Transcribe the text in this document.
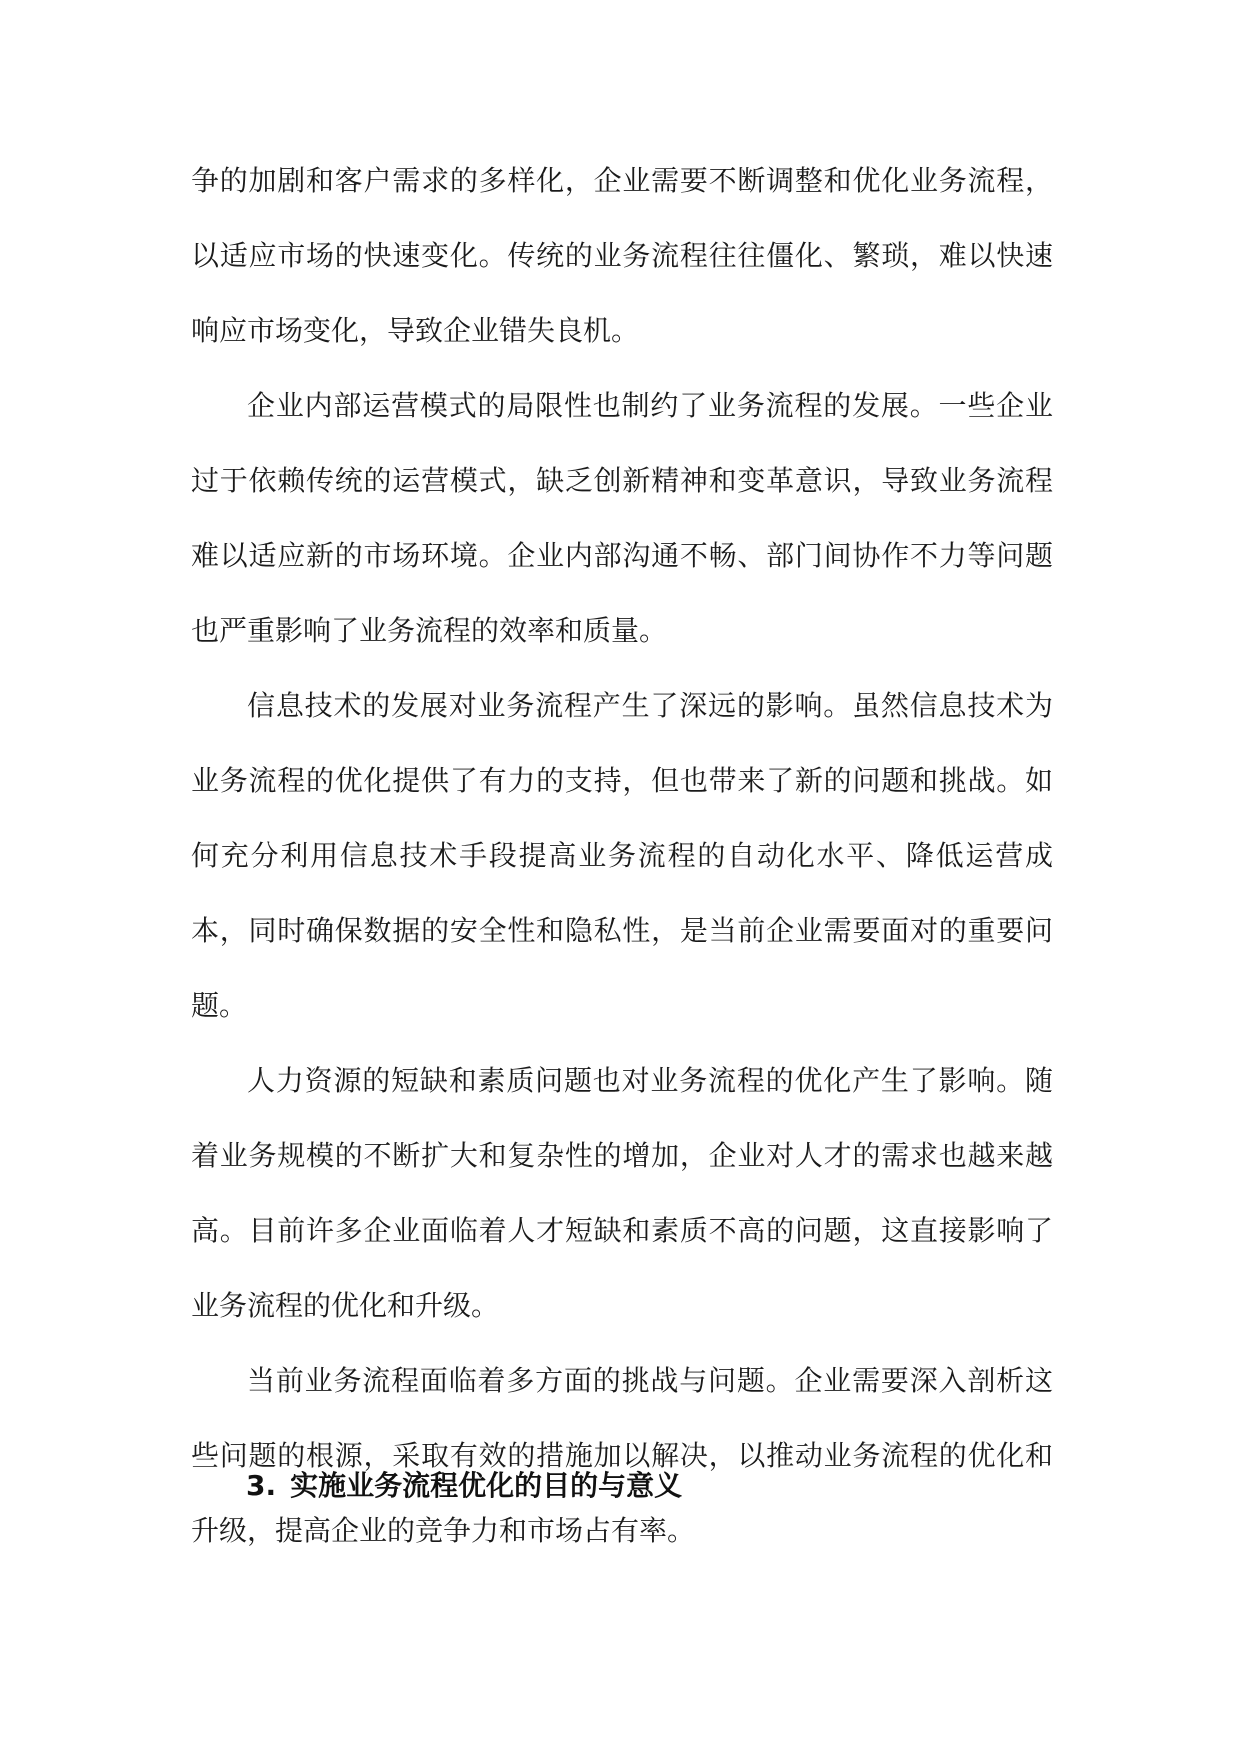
争的加剧和客户需求的多样化，企业需要不断调整和优化业务流程，以适应市场的快速变化。传统的业务流程往往僵化、繁琐，难以快速响应市场变化，导致企业错失良机。

企业内部运营模式的局限性也制约了业务流程的发展。一些企业过于依赖传统的运营模式，缺乏创新精神和变革意识，导致业务流程难以适应新的市场环境。企业内部沟通不畅、部门间协作不力等问题也严重影响了业务流程的效率和质量。

信息技术的发展对业务流程产生了深远的影响。虽然信息技术为业务流程的优化提供了有力的支持，但也带来了新的问题和挑战。如何充分利用信息技术手段提高业务流程的自动化水平、降低运营成本，同时确保数据的安全性和隐私性，是当前企业需要面对的重要问题。

人力资源的短缺和素质问题也对业务流程的优化产生了影响。随着业务规模的不断扩大和复杂性的增加，企业对人才的需求也越来越高。目前许多企业面临着人才短缺和素质不高的问题，这直接影响了业务流程的优化和升级。

当前业务流程面临着多方面的挑战与问题。企业需要深入剖析这些问题的根源，采取有效的措施加以解决，以推动业务流程的优化和升级，提高企业的竞争力和市场占有率。

3. 实施业务流程优化的目的与意义
